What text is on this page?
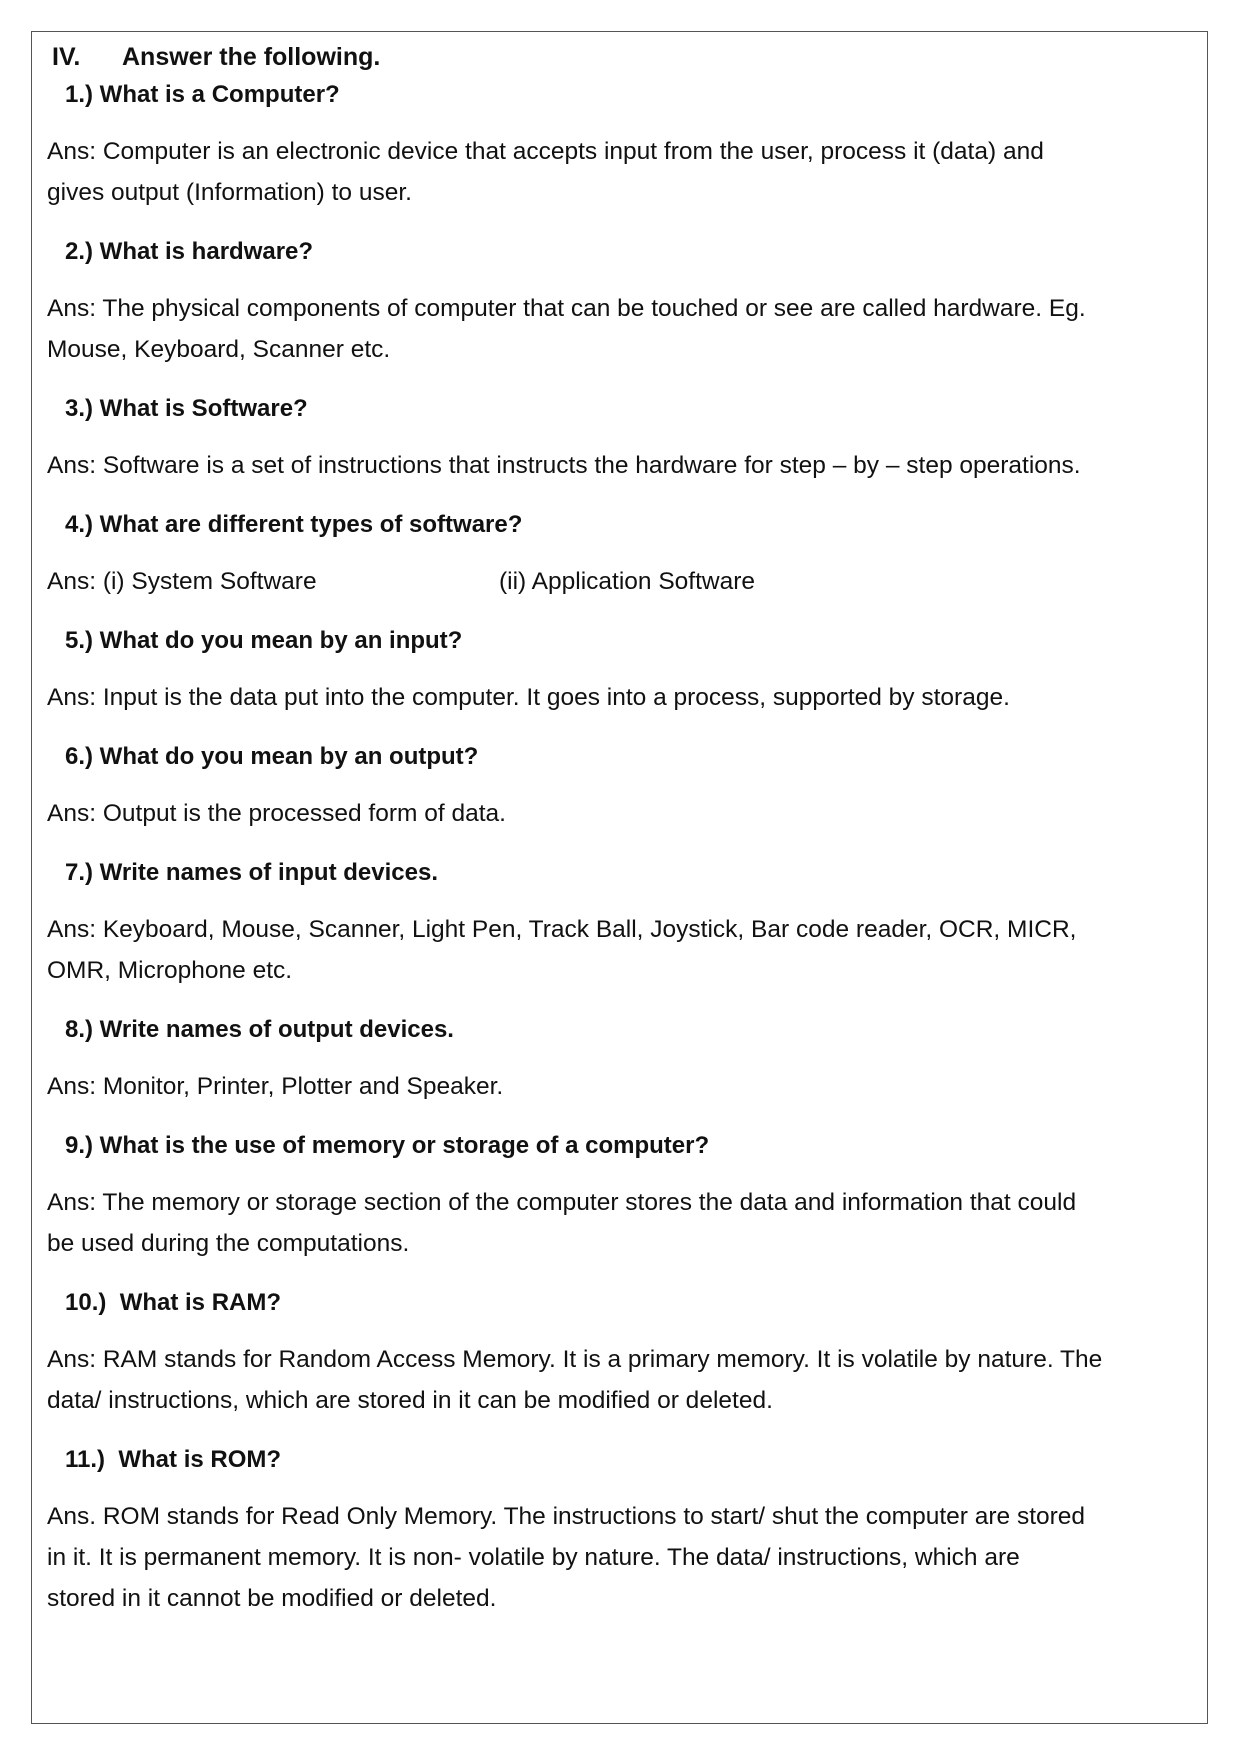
IV. Answer the following.
1.) What is a Computer?
Ans: Computer is an electronic device that accepts input from the user, process it (data) and
gives output (Information) to user.
2.) What is hardware?
Ans: The physical components of computer that can be touched or see are called hardware. Eg.
Mouse, Keyboard, Scanner etc.
3.) What is Software?
Ans: Software is a set of instructions that instructs the hardware for step – by – step operations.
4.) What are different types of software?
Ans: (i) System Software	(ii) Application Software
5.) What do you mean by an input?
Ans: Input is the data put into the computer. It goes into a process, supported by storage.
6.) What do you mean by an output?
Ans: Output is the processed form of data.
7.) Write names of input devices.
Ans: Keyboard, Mouse, Scanner, Light Pen, Track Ball, Joystick, Bar code reader, OCR, MICR,
OMR, Microphone etc.
8.) Write names of output devices.
Ans: Monitor, Printer, Plotter and Speaker.
9.) What is the use of memory or storage of a computer?
Ans: The memory or storage section of the computer stores the data and information that could
be used during the computations.
10.)  What is RAM?
Ans: RAM stands for Random Access Memory. It is a primary memory. It is volatile by nature. The
data/ instructions, which are stored in it can be modified or deleted.
11.)  What is ROM?
Ans. ROM stands for Read Only Memory. The instructions to start/ shut the computer are stored
in it. It is permanent memory. It is non- volatile by nature. The data/ instructions, which are
stored in it cannot be modified or deleted.
